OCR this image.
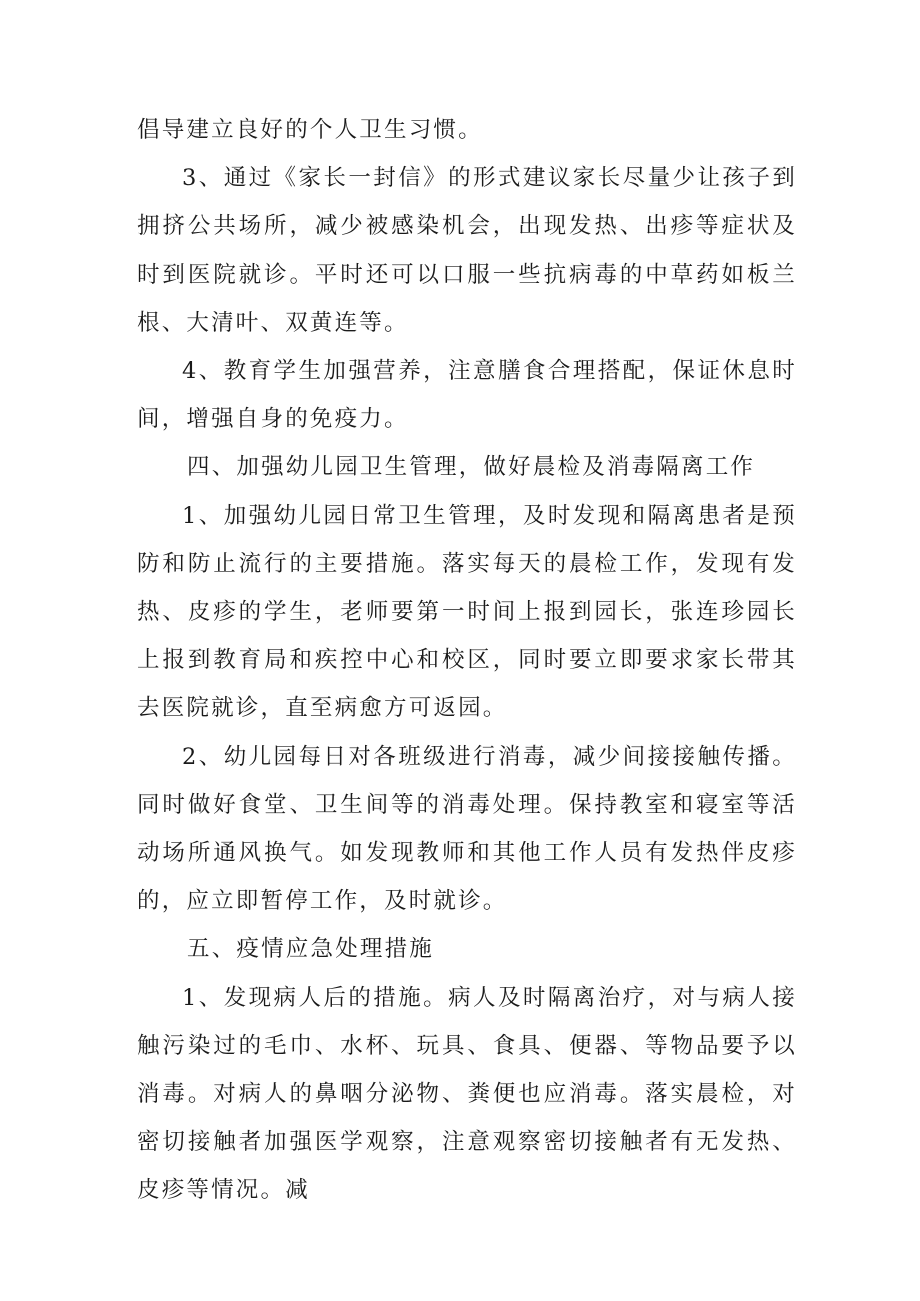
倡导建立良好的个人卫生习惯。

3、通过《家长一封信》的形式建议家长尽量少让孩子到拥挤公共场所，减少被感染机会，出现发热、出疹等症状及时到医院就诊。平时还可以口服一些抗病毒的中草药如板兰根、大清叶、双黄连等。

4、教育学生加强营养，注意膳食合理搭配，保证休息时间，增强自身的免疫力。

四、加强幼儿园卫生管理，做好晨检及消毒隔离工作

1、加强幼儿园日常卫生管理，及时发现和隔离患者是预防和防止流行的主要措施。落实每天的晨检工作，发现有发热、皮疹的学生，老师要第一时间上报到园长，张连珍园长上报到教育局和疾控中心和校区，同时要立即要求家长带其去医院就诊，直至病愈方可返园。

2、幼儿园每日对各班级进行消毒，减少间接接触传播。同时做好食堂、卫生间等的消毒处理。保持教室和寝室等活动场所通风换气。如发现教师和其他工作人员有发热伴皮疹的，应立即暂停工作，及时就诊。

五、疫情应急处理措施

1、发现病人后的措施。病人及时隔离治疗，对与病人接触污染过的毛巾、水杯、玩具、食具、便器、等物品要予以消毒。对病人的鼻咽分泌物、粪便也应消毒。落实晨检，对密切接触者加强医学观察，注意观察密切接触者有无发热、皮疹等情况。减
